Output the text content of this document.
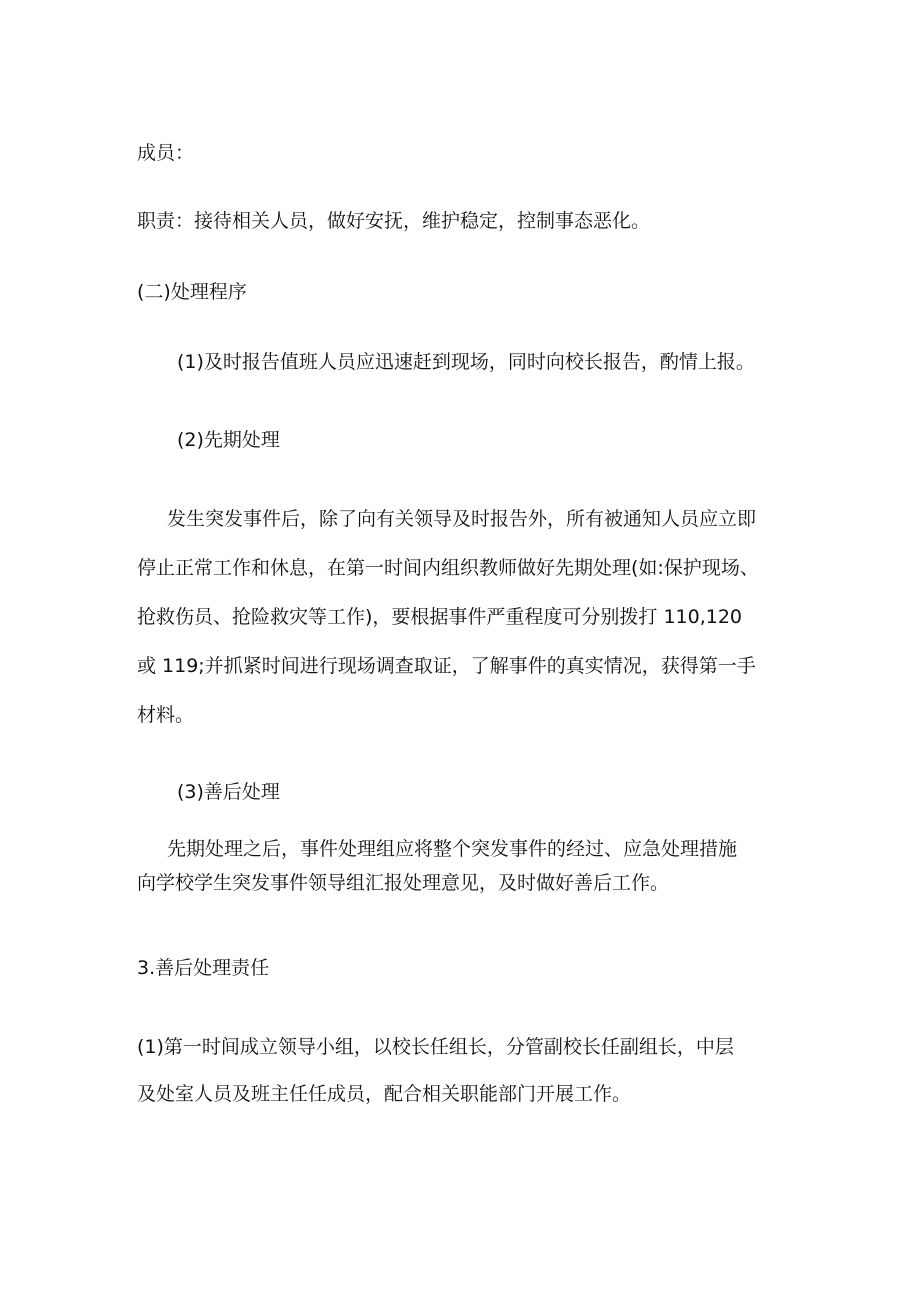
成员：
职责：接待相关人员，做好安抚，维护稳定，控制事态恶化。
(二)处理程序
(1)及时报告值班人员应迅速赶到现场，同时向校长报告，酌情上报。
(2)先期处理
发生突发事件后，除了向有关领导及时报告外，所有被通知人员应立即
停止正常工作和休息，在第一时间内组织教师做好先期处理(如:保护现场、
抢救伤员、抢险救灾等工作)，要根据事件严重程度可分别拨打 110,120
或 119;并抓紧时间进行现场调查取证，了解事件的真实情况，获得第一手
材料。
(3)善后处理
先期处理之后，事件处理组应将整个突发事件的经过、应急处理措施
向学校学生突发事件领导组汇报处理意见，及时做好善后工作。
3.善后处理责任
(1)第一时间成立领导小组，以校长任组长，分管副校长任副组长，中层
及处室人员及班主任任成员，配合相关职能部门开展工作。
